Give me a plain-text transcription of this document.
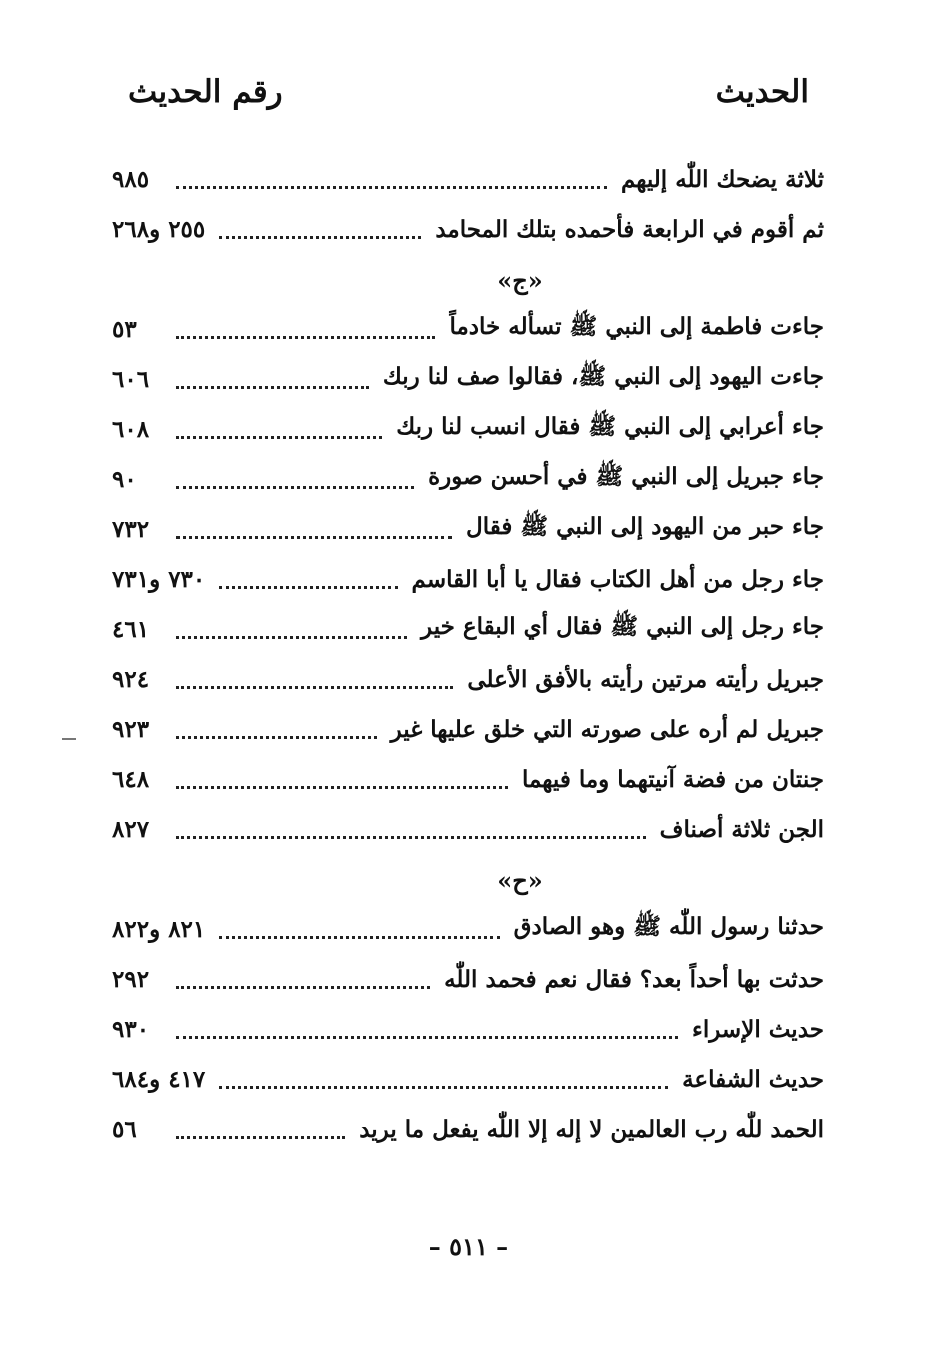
الحديث
رقم الحديث
ثلاثة يضحك اللّٰه إليهم
٩٨٥
ثم أقوم في الرابعة فأحمده بتلك المحامد
٢٥٥ و٢٦٨
«ج»
جاءت فاطمة إلى النبي ﷺ تسأله خادماً
٥٣
جاءت اليهود إلى النبي ﷺ، فقالوا صف لنا ربك
٦٠٦
جاء أعرابي إلى النبي ﷺ فقال انسب لنا ربك
٦٠٨
جاء جبريل إلى النبي ﷺ في أحسن صورة
٩٠
جاء حبر من اليهود إلى النبي ﷺ فقال
٧٣٢
جاء رجل من أهل الكتاب فقال يا أبا القاسم
٧٣٠ و٧٣١
جاء رجل إلى النبي ﷺ فقال أي البقاع خير
٤٦١
جبريل رأيته مرتين رأيته بالأفق الأعلى
٩٢٤
جبريل لم أره على صورته التي خلق عليها غير
٩٢٣
جنتان من فضة آنيتهما وما فيهما
٦٤٨
الجن ثلاثة أصناف
٨٢٧
«ح»
حدثنا رسول اللّٰه ﷺ وهو الصادق
٨٢١ و٨٢٢
حدثت بها أحداً بعد؟ فقال نعم فحمد اللّٰه
٢٩٢
حديث الإسراء
٩٣٠
حديث الشفاعة
٤١٧ و٦٨٤
الحمد للّٰه رب العالمين لا إله إلا اللّٰه يفعل ما يريد
٥٦
– ٥١١ –
